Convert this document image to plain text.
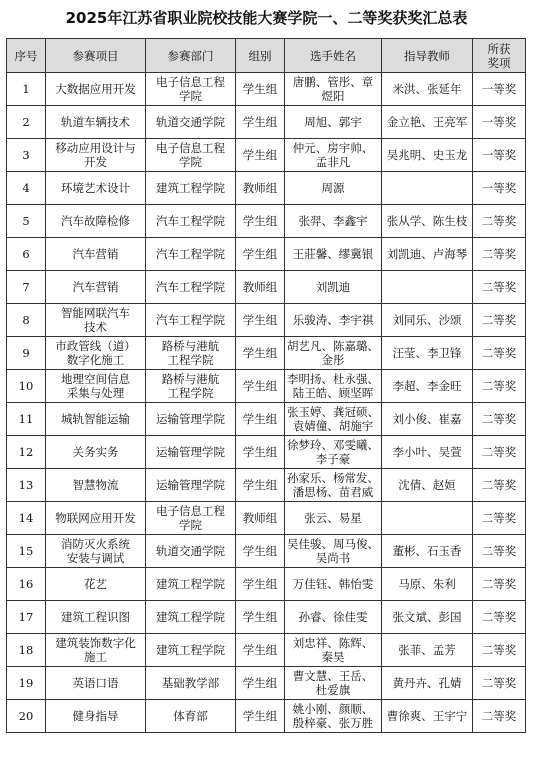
2025年江苏省职业院校技能大赛学院一、二等奖获奖汇总表
序号	参赛项目	参赛部门	组别	选手姓名	指导教师	所获
奖项

1	大数据应用开发	电子信息工程
学院	学生组	唐鹏、管彤、章
煜阳	米洪、张延年	一等奖

2	轨道车辆技术	轨道交通学院	学生组	周旭、郭宇	金立艳、王亮军	一等奖

3	移动应用设计与
开发	电子信息工程
学院	学生组	仲元、房宇帅、
孟非凡	吴兆明、史玉龙	一等奖

4	环境艺术设计	建筑工程学院	教师组	周源		一等奖

5	汽车故障检修	汽车工程学院	学生组	张羿、李鑫宇	张从学、陈生枝	二等奖

6	汽车营销	汽车工程学院	学生组	王莊馨、缪冀银	刘凯迪、卢海琴	二等奖

7	汽车营销	汽车工程学院	教师组	刘凯迪		二等奖

8	智能网联汽车
技术	汽车工程学院	学生组	乐骏涛、李宇祺	刘同乐、沙颂	二等奖

9	市政管线（道）
数字化施工	路桥与港航
工程学院	学生组	胡艺凡、陈嘉璐、
金彤	汪莹、李卫锋	二等奖

10	地理空间信息
采集与处理	路桥与港航
工程学院	学生组	李明扬、杜永强、
陆王皓、顾坚晖	李超、李金旺	二等奖

11	城轨智能运输	运输管理学院	学生组	张玉婷、龚冠硕、
袁婧僮、胡施宇	刘小俊、崔嘉	二等奖

12	关务实务	运输管理学院	学生组	徐梦玲、邓雯曦、
李子豪	李小叶、吴萱	二等奖

13	智慧物流	运输管理学院	学生组	孙家乐、杨常发、
潘思杨、苗君威	沈倩、赵姮	二等奖

14	物联网应用开发	电子信息工程
学院	教师组	张云、易星		二等奖

15	消防灭火系统
安装与调试	轨道交通学院	学生组	吴佳骏、周马俊、
吴尚书	董彬、石玉香	二等奖

16	花艺	建筑工程学院	学生组	万佳钰、韩怡雯	马原、朱利	二等奖

17	建筑工程识图	建筑工程学院	学生组	孙睿、徐佳雯	张文斌、彭国	二等奖

18	建筑装饰数字化
施工	建筑工程学院	学生组	刘忠祥、陈辉、
秦昊	张菲、孟芳	二等奖

19	英语口语	基础教学部	学生组	曹文慧、王岳、
杜爱旗	黄丹卉、孔婧	二等奖

20	健身指导	体育部	学生组	姚小刚、颜顺、
殷梓豪、张万胜	曹徐爽、王宇宁	二等奖
